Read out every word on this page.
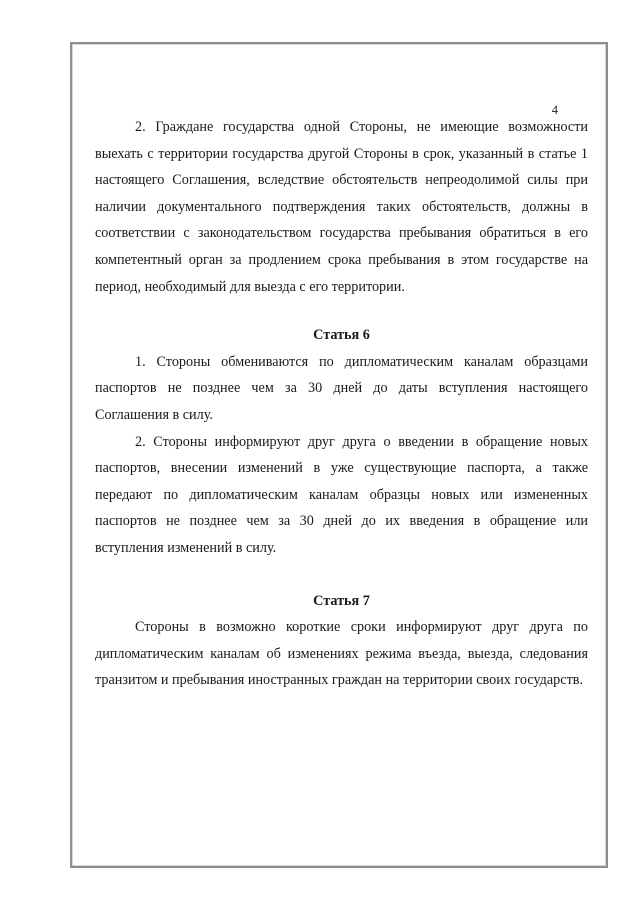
4

2. Граждане государства одной Стороны, не имеющие возможности выехать с территории государства другой Стороны в срок, указанный в статье 1 настоящего Соглашения, вследствие обстоятельств непреодолимой силы при наличии документального подтверждения таких обстоятельств, должны в соответствии с законодательством государства пребывания обратиться в его компетентный орган за продлением срока пребывания в этом государстве на период, необходимый для выезда с его территории.

Статья 6

1. Стороны обмениваются по дипломатическим каналам образцами паспортов не позднее чем за 30 дней до даты вступления настоящего Соглашения в силу.

2. Стороны информируют друг друга о введении в обращение новых паспортов, внесении изменений в уже существующие паспорта, а также передают по дипломатическим каналам образцы новых или измененных паспортов не позднее чем за 30 дней до их введения в обращение или вступления изменений в силу.

Статья 7

Стороны в возможно короткие сроки информируют друг друга по дипломатическим каналам об изменениях режима въезда, выезда, следования транзитом и пребывания иностранных граждан на территории своих государств.
